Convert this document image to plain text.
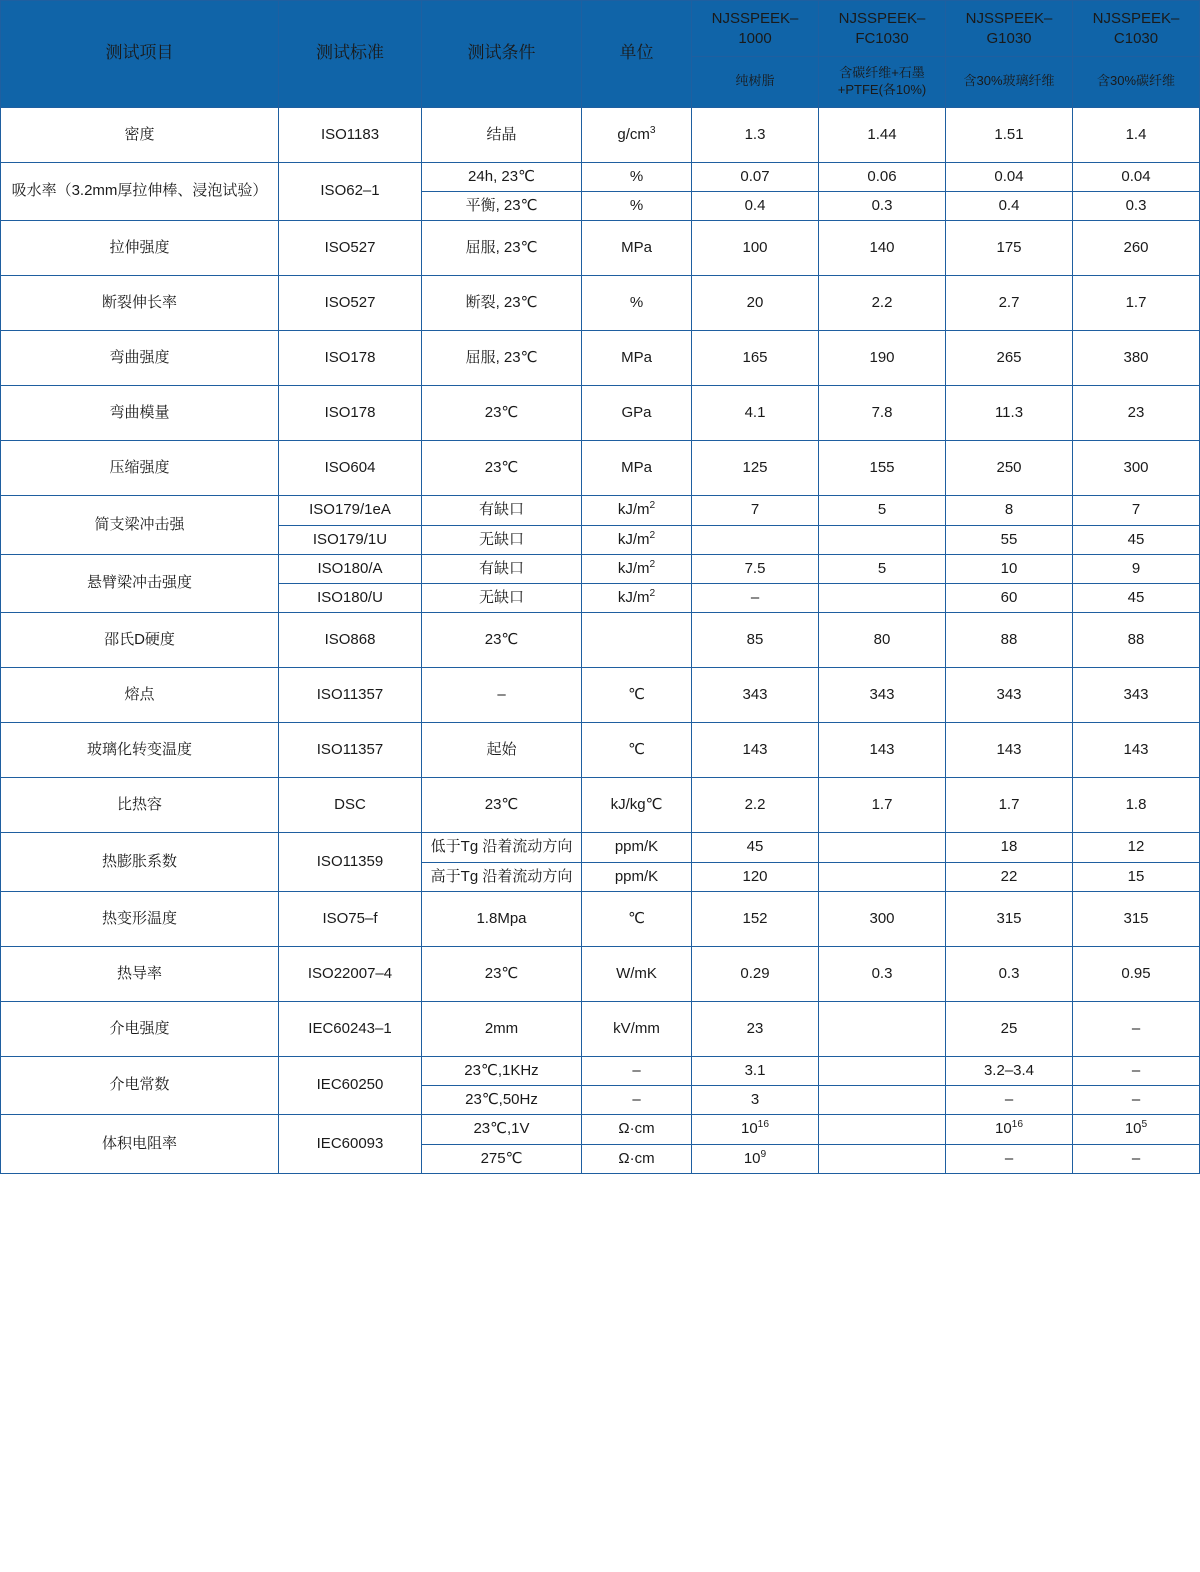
测试项目	测试标准	测试条件	单位	NJSSPEEK–1000	NJSSPEEK–FC1030	NJSSPEEK–G1030	NJSSPEEK–C1030
				纯树脂	含碳纤维+石墨+PTFE(各10%)	含30%玻璃纤维	含30%碳纤维
密度	ISO1183	结晶	$g/cm^3$	1.3	1.44	1.51	1.4
吸水率（3.2mm厚拉伸棒、浸泡试验）	ISO62–1	24h, 23℃	%	0.07	0.06	0.04	0.04
		平衡, 23℃	%	0.4	0.3	0.4	0.3
拉伸强度	ISO527	屈服, 23℃	MPa	100	140	175	260
断裂伸长率	ISO527	断裂, 23℃	%	20	2.2	2.7	1.7
弯曲强度	ISO178	屈服, 23℃	MPa	165	190	265	380
弯曲模量	ISO178	23℃	GPa	4.1	7.8	11.3	23
压缩强度	ISO604	23℃	MPa	125	155	250	300
简支梁冲击强	ISO179/1eA	有缺口	$kJ/m^2$	7	5	8	7
	ISO179/1U	无缺口	$kJ/m^2$			55	45
悬臂梁冲击强度	ISO180/A	有缺口	$kJ/m^2$	7.5	5	10	9
	ISO180/U	无缺口	$kJ/m^2$	–		60	45
邵氏D硬度	ISO868	23℃		85	80	88	88
熔点	ISO11357	–	℃	343	343	343	343
玻璃化转变温度	ISO11357	起始	℃	143	143	143	143
比热容	DSC	23℃	kJ/kg℃	2.2	1.7	1.7	1.8
热膨胀系数	ISO11359	低于Tg 沿着流动方向	ppm/K	45		18	12
		高于Tg 沿着流动方向	ppm/K	120		22	15
热变形温度	ISO75–f	1.8Mpa	℃	152	300	315	315
热导率	ISO22007–4	23℃	W/mK	0.29	0.3	0.3	0.95
介电强度	IEC60243–1	2mm	kV/mm	23		25	–
介电常数	IEC60250	23℃,1KHz	–	3.1		3.2–3.4	–
		23℃,50Hz	–	3		–	–
体积电阻率	IEC60093	23℃,1V	Ω·cm	$10^{16}$		$10^{16}$	$10^5$
		275℃	Ω·cm	$10^9$		–	–
